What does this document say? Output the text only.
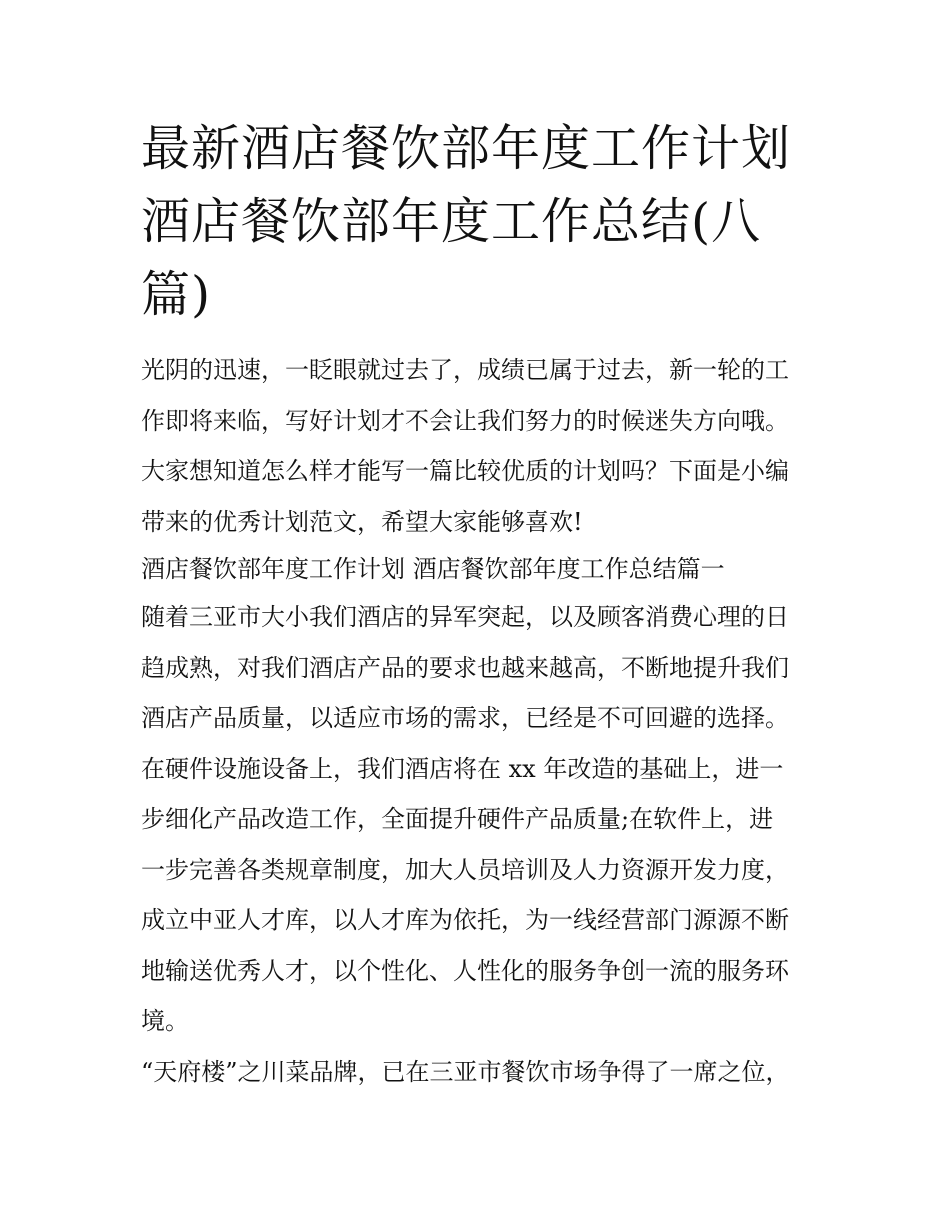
最新酒店餐饮部年度工作计划
酒店餐饮部年度工作总结(八
篇)

光阴的迅速，一眨眼就过去了，成绩已属于过去，新一轮的工
作即将来临，写好计划才不会让我们努力的时候迷失方向哦。
大家想知道怎么样才能写一篇比较优质的计划吗？下面是小编
带来的优秀计划范文，希望大家能够喜欢!

酒店餐饮部年度工作计划 酒店餐饮部年度工作总结篇一

随着三亚市大小我们酒店的异军突起，以及顾客消费心理的日
趋成熟，对我们酒店产品的要求也越来越高，不断地提升我们
酒店产品质量，以适应市场的需求，已经是不可回避的选择。
在硬件设施设备上，我们酒店将在 xx 年改造的基础上，进一
步细化产品改造工作，全面提升硬件产品质量;在软件上，进
一步完善各类规章制度，加大人员培训及人力资源开发力度，
成立中亚人才库，以人才库为依托，为一线经营部门源源不断
地输送优秀人才，以个性化、人性化的服务争创一流的服务环
境。

“天府楼”之川菜品牌，已在三亚市餐饮市场争得了一席之位，
